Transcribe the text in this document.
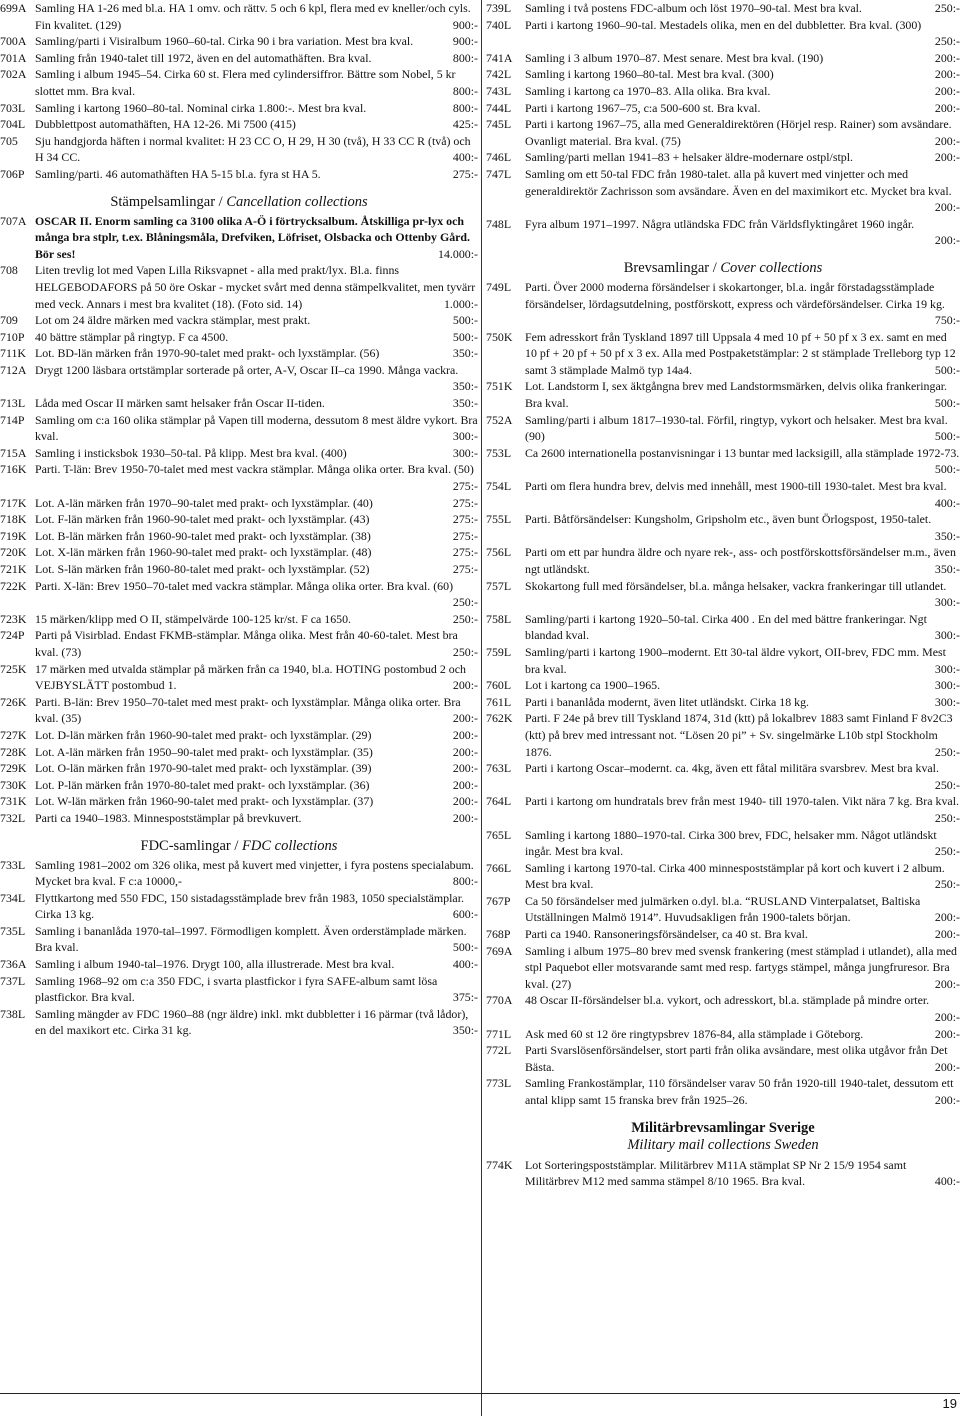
699A Samling HA 1-26 med bl.a. HA 1 omv. och rättv. 5 och 6 kpl, flera med ev kneller/och cyls. Fin kvalitet. (129)	900:-
700A Samling/parti i Visiralbum 1960–60-tal. Cirka 90 i bra variation. Mest bra kval.	900:-
701A Samling från 1940-talet till 1972, även en del automathäften. Bra kval.	800:-
702A Samling i album 1945–54. Cirka 60 st. Flera med cylindersiffror. Bättre som Nobel, 5 kr slottet mm. Bra kval.	800:-
703L Samling i kartong 1960–80-tal. Nominal cirka 1.800:-. Mest bra kval.	800:-
704L Dubblettpost automathäften, HA 12-26. Mi 7500 (415)	425:-
705	Sju handgjorda häften i normal kvalitet: H 23 CC O, H 29, H 30 (två), H 33 CC R (två) och H 34 CC.	400:-
706P Samling/parti. 46 automathäften HA 5-15 bl.a. fyra st HA 5.	275:-
Stämpelsamlingar / Cancellation collections
707A OSCAR II. Enorm samling ca 3100 olika A-Ö i förtrycksalbum. Åtskilliga pr-lyx och många bra stplr, t.ex. Blåningsmåla, Drefviken, Löfriset, Olsbacka och Ottenby Gård. Bör ses!	14.000:-
708	Liten trevlig lot med Vapen Lilla Riksvapnet - alla med prakt/lyx. Bl.a. finns HELGEBODAFORS på 50 öre Oskar - mycket svårt med denna stämpelkvalitet, men tyvärr med veck. Annars i mest bra kvalitet (18). (Foto sid. 14)	1.000:-
709	Lot om 24 äldre märken med vackra stämplar, mest prakt.	500:-
710P 40 bättre stämplar på ringtyp. F ca 4500.	500:-
711K Lot. BD-län märken från 1970-90-talet med prakt- och lyxstämplar. (56)	350:-
712A Drygt 1200 läsbara ortstämplar sorterade på orter, A-V, Oscar II–ca 1990. Många vackra.
350:-
713L Låda med Oscar II märken samt helsaker från Oscar II-tiden.	350:-
714P Samling om c:a 160 olika stämplar på Vapen till moderna, dessutom 8 mest äldre vykort. Bra kval.	300:-
715A Samling i insticksbok 1930–50-tal. På klipp. Mest bra kval. (400)	300:-
716K Parti. T-län: Brev 1950-70-talet med mest vackra stämplar. Många olika orter. Bra kval. (50)
275:-
717K Lot. A-län märken från 1970–90-talet med prakt- och lyxstämplar. (40)	275:-
718K Lot. F-län märken från 1960-90-talet med prakt- och lyxstämplar. (43)	275:-
719K Lot. B-län märken från 1960-90-talet med prakt- och lyxstämplar. (38)	275:-
720K Lot. X-län märken från 1960-90-talet med prakt- och lyxstämplar. (48)	275:-
721K Lot. S-län märken från 1960-80-talet med prakt- och lyxstämplar. (52)	275:-
722K Parti. X-län: Brev 1950–70-talet med vackra stämplar. Många olika orter. Bra kval. (60)
250:-
723K 15 märken/klipp med O II, stämpelvärde 100-125 kr/st. F ca 1650.	250:-
724P Parti på Visirblad. Endast FKMB-stämplar. Många olika. Mest från 40-60-talet. Mest bra kval. (73)	250:-
725K 17 märken med utvalda stämplar på märken från ca 1940, bl.a. HOTING postombud 2 och VEJBYSLÄTT postombud 1.	200:-
726K Parti. B-län: Brev 1950–70-talet med mest prakt- och lyxstämplar. Många olika orter. Bra kval. (35)	200:-
727K Lot. D-län märken från 1960-90-talet med prakt- och lyxstämplar. (29)	200:-
728K Lot. A-län märken från 1950–90-talet med prakt- och lyxstämplar. (35)	200:-
729K Lot. O-län märken från 1970-90-talet med prakt- och lyxstämplar. (39)	200:-
730K Lot. P-län märken från 1970-80-talet med prakt- och lyxstämplar. (36)	200:-
731K Lot. W-län märken från 1960-90-talet med prakt- och lyxstämplar. (37)	200:-
732L Parti ca 1940–1983. Minnespoststämplar på brevkuvert.	200:-
FDC-samlingar / FDC collections
733L Samling 1981–2002 om 326 olika, mest på kuvert med vinjetter, i fyra postens specialabum. Mycket bra kval. F c:a 10000,-	800:-
734L Flyttkartong med 550 FDC, 150 sistadagsstämplade brev från 1983, 1050 specialstämplar. Cirka 13 kg.	600:-
735L Samling i bananlåda 1970-tal–1997. Förmodligen komplett. Även orderstämplade märken. Bra kval.	500:-
736A Samling i album 1940-tal–1976. Drygt 100, alla illustrerade. Mest bra kval.	400:-
737L Samling 1968–92 om c:a 350 FDC, i svarta plastfickor i fyra SAFE-album samt lösa plastfickor. Bra kval.	375:-
738L Samling mängder av FDC 1960–88 (ngr äldre) inkl. mkt dubbletter i 16 pärmar (två lådor), en del maxikort etc. Cirka 31 kg.	350:-
739L	Samling i två postens FDC-album och löst 1970–90-tal. Mest bra kval.	250:-
740L	Parti i kartong 1960–90-tal. Mestadels olika, men en del dubbletter. Bra kval. (300)
250:-
741A	Samling i 3 album 1970–87. Mest senare. Mest bra kval. (190)	200:-
742L	Samling i kartong 1960–80-tal. Mest bra kval. (300)	200:-
743L	Samling i kartong ca 1970–83. Alla olika. Bra kval.	200:-
744L	Parti i kartong 1967–75, c:a 500-600 st. Bra kval.	200:-
745L	Parti i kartong 1967–75, alla med Generaldirektören (Hörjel resp. Rainer) som avsändare. Ovanligt material. Bra kval. (75)	200:-
746L	Samling/parti mellan 1941–83 + helsaker äldre-modernare ostpl/stpl.	200:-
747L	Samling om ett 50-tal FDC från 1980-talet. alla på kuvert med vinjetter och med generaldirektör Zachrisson som avsändare. Även en del maximikort etc. Mycket bra kval.
200:-
748L	Fyra album 1971–1997. Några utländska FDC från Världsflyktingåret 1960 ingår.
200:-
Brevsamlingar / Cover collections
749L	Parti. Över 2000 moderna försändelser i skokartonger, bl.a. ingår förstadagsstämplade försändelser, lördagsutdelning, postförskott, express och värdeförsändelser. Cirka 19 kg.
750:-
750K	Fem adresskort från Tyskland 1897 till Uppsala 4 med 10 pf + 50 pf x 3 ex. samt en med 10 pf + 20 pf + 50 pf x 3 ex. Alla med Postpaketstämplar: 2 st stämplade Trelleborg typ 12 samt 3 stämplade Malmö typ 14a4.	500:-
751K	Lot. Landstorm I, sex äktgångna brev med Landstormsmärken, delvis olika frankeringar. Bra kval.	500:-
752A	Samling/parti i album 1817–1930-tal. Förfil, ringtyp, vykort och helsaker. Mest bra kval. (90)	500:-
753L	Ca 2600 internationella postanvisningar i 13 buntar med lacksigill, alla stämplade 1972-73.
500:-
754L	Parti om flera hundra brev, delvis med innehåll, mest 1900-till 1930-talet. Mest bra kval.
400:-
755L	Parti. Båtförsändelser: Kungsholm, Gripsholm etc., även bunt Örlogspost, 1950-talet.
350:-
756L	Parti om ett par hundra äldre och nyare rek-, ass- och postförskottsförsändelser m.m., även ngt utländskt.	350:-
757L	Skokartong full med försändelser, bl.a. många helsaker, vackra frankeringar till utlandet.
300:-
758L	Samling/parti i kartong 1920–50-tal. Cirka 400 . En del med bättre frankeringar. Ngt blandad kval.	300:-
759L	Samling/parti i kartong 1900–modernt. Ett 30-tal äldre vykort, OII-brev, FDC mm. Mest bra kval.	300:-
760L	Lot i kartong ca 1900–1965.	300:-
761L	Parti i bananlåda modernt, även litet utländskt. Cirka 18 kg.	300:-
762K	Parti. F 24e på brev till Tyskland 1874, 31d (ktt) på lokalbrev 1883 samt Finland F 8v2C3 (ktt) på brev med intressant not. “Lösen 20 pi” + Sv. singelmärke L10b stpl Stockholm 1876.	250:-
763L	Parti i kartong Oscar–modernt. ca. 4kg, även ett fåtal militära svarsbrev. Mest bra kval.
250:-
764L	Parti i kartong om hundratals brev från mest 1940- till 1970-talen. Vikt nära 7 kg. Bra kval.
250:-
765L	Samling i kartong 1880–1970-tal. Cirka 300 brev, FDC, helsaker mm. Något utländskt ingår. Mest bra kval.	250:-
766L	Samling i kartong 1970-tal. Cirka 400 minnespoststämplar på kort och kuvert i 2 album. Mest bra kval.	250:-
767P	Ca 50 försändelser med julmärken o.dyl. bl.a. “RUSLAND Vinterpalatset, Baltiska Utställningen Malmö 1914”. Huvudsakligen från 1900-talets början.	200:-
768P	Parti ca 1940. Ransoneringsförsändelser, ca 40 st. Bra kval.	200:-
769A	Samling i album 1975–80 brev med svensk frankering (mest stämplad i utlandet), alla med stpl Paquebot eller motsvarande samt med resp. fartygs stämpel, många jungfruresor. Bra kval. (27)	200:-
770A	48 Oscar II-försändelser bl.a. vykort, och adresskort, bl.a. stämplade på mindre orter.
200:-
771L	Ask med 60 st 12 öre ringtypsbrev 1876-84, alla stämplade i Göteborg.	200:-
772L	Parti Svarslösenförsändelser, stort parti från olika avsändare, mest olika utgåvor från Det Bästa.	200:-
773L	Samling Frankostämplar, 110 försändelser varav 50 från 1920-till 1940-talet, dessutom ett antal klipp samt 15 franska brev från 1925–26.	200:-
Militärbrevsamlingar Sverige
Military mail collections Sweden
774K	Lot Sorteringspoststämplar. Militärbrev M11A stämplat SP Nr 2 15/9 1954 samt Militärbrev M12 med samma stämpel 8/10 1965. Bra kval.	400:-
19
